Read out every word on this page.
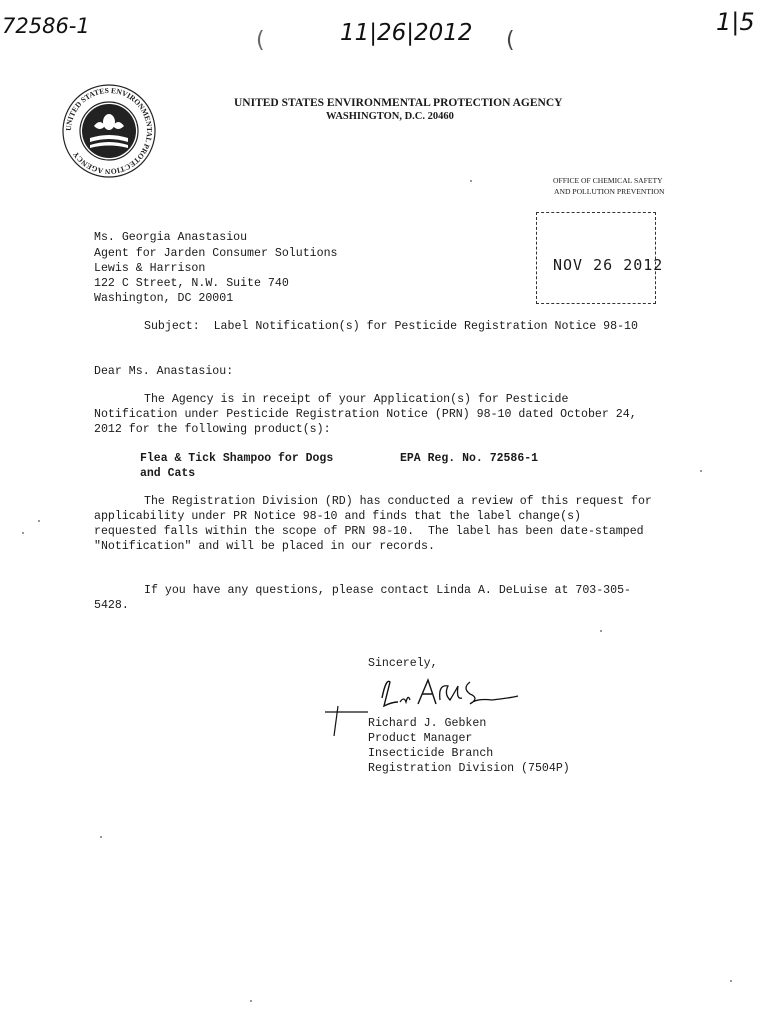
72586-1	11|26|2012	1|5
(	(
UNITED STATES ENVIRONMENTAL PROTECTION AGENCY
UNITED STATES ENVIRONMENTAL PROTECTION AGENCY
WASHINGTON, D.C. 20460
OFFICE OF CHEMICAL SAFETY
AND POLLUTION PREVENTION

NOV 26 2012

Ms. Georgia Anastasiou
Agent for Jarden Consumer Solutions
Lewis & Harrison
122 C Street, N.W. Suite 740
Washington, DC 20001
Subject:  Label Notification(s) for Pesticide Registration Notice 98-10
Dear Ms. Anastasiou:
The Agency is in receipt of your Application(s) for Pesticide
Notification under Pesticide Registration Notice (PRN) 98-10 dated October 24,
2012 for the following product(s):
Flea & Tick Shampoo for Dogs
and Cats
EPA Reg. No. 72586-1
The Registration Division (RD) has conducted a review of this request for
applicability under PR Notice 98-10 and finds that the label change(s)
requested falls within the scope of PRN 98-10.  The label has been date-stamped
"Notification" and will be placed in our records.
If you have any questions, please contact Linda A. DeLuise at 703-305-
5428.
Sincerely,
Richard J. Gebken
Product Manager
Insecticide Branch
Registration Division (7504P)
